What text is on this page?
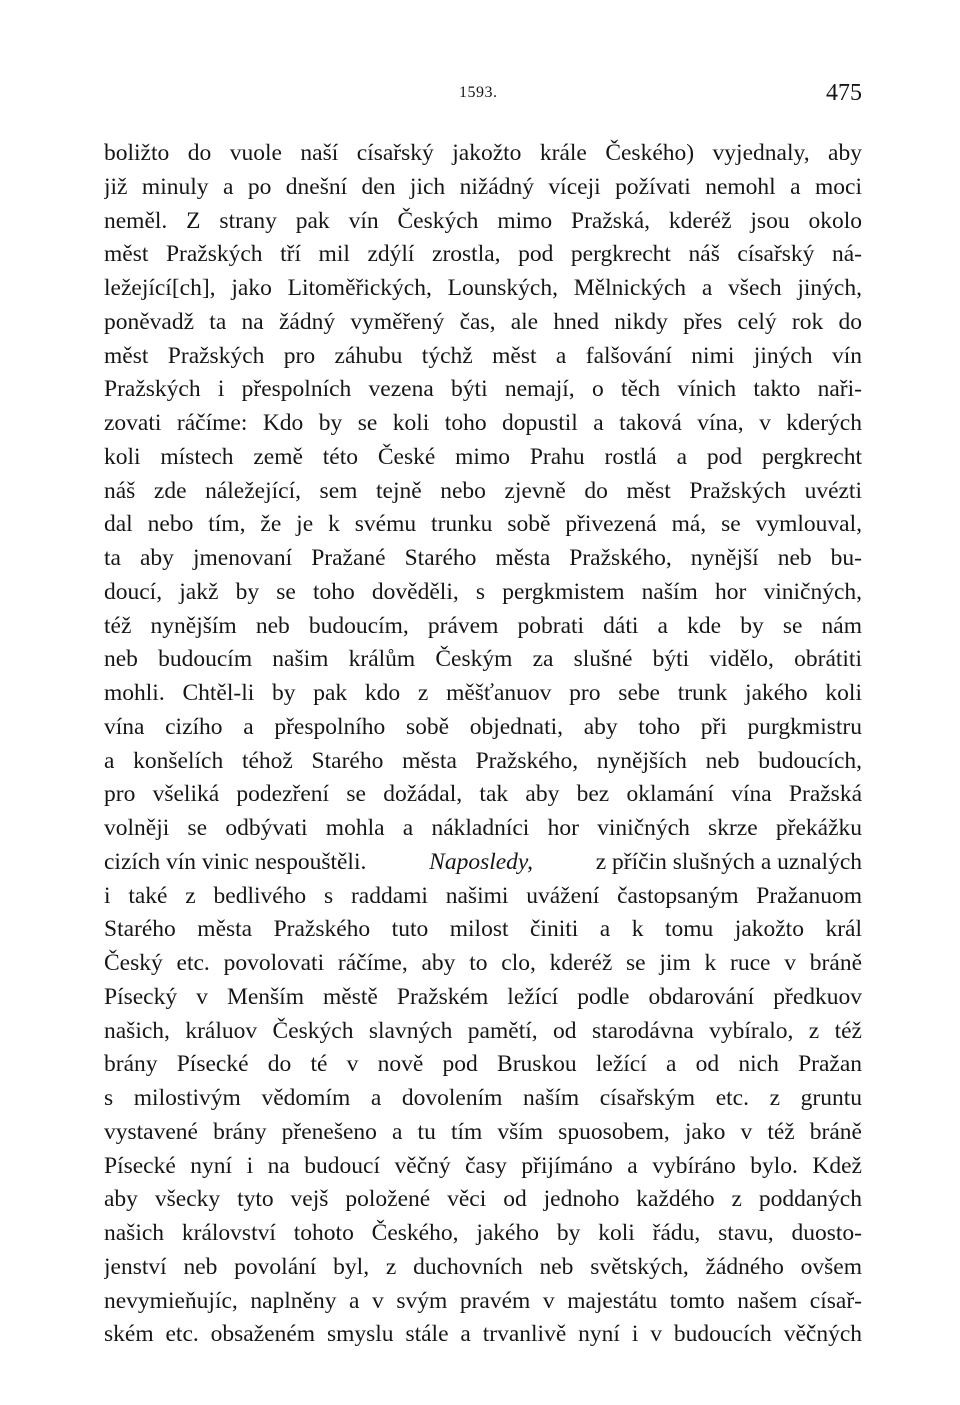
1593.	475
boližto do vuole naší císařský jakožto krále Českého) vyjednaly, aby
již minuly a po dnešní den jich nižádný víceji požívati nemohl a moci
neměl. Z strany pak vín Českých mimo Pražská, kderéž jsou okolo
měst Pražských tří mil zdýlí zrostla, pod pergkrecht náš císařský ná-
ležející[ch], jako Litoměřických, Lounských, Mělnických a všech jiných,
poněvadž ta na žádný vyměřený čas, ale hned nikdy přes celý rok do
měst Pražských pro záhubu týchž měst a falšování nimi jiných vín
Pražských i přespolních vezena býti nemají, o těch vínich takto naři-
zovati ráčíme: Kdo by se koli toho dopustil a taková vína, v kderých
koli místech země této České mimo Prahu rostlá a pod pergkrecht
náš zde náležející, sem tejně nebo zjevně do měst Pražských uvézti
dal nebo tím, že je k svému trunku sobě přivezená má, se vymlouval,
ta aby jmenovaní Pražané Starého města Pražského, nynější neb bu-
doucí, jakž by se toho dověděli, s pergkmistem naším hor viničných,
též nynějším neb budoucím, právem pobrati dáti a kde by se nám
neb budoucím našim králům Českým za slušné býti vidělo, obrátiti
mohli. Chtěl-li by pak kdo z měšťanuov pro sebe trunk jakého koli
vína cizího a přespolního sobě objednati, aby toho při purgkmistru
a konšelích téhož Starého města Pražského, nynějších neb budoucích,
pro všeliká podezření se dožádal, tak aby bez oklamání vína Pražská
volněji se odbývati mohla a nákladníci hor viničných skrze překážku
cizích vín vinic nespouštěli.	Naposledy,	z příčin slušných a uznalých
i také z bedlivého s raddami našimi uvážení častopsaným Pražanuom
Starého města Pražského tuto milost činiti a k tomu jakožto král
Český etc. povolovati ráčíme, aby to clo, kderéž se jim k ruce v bráně
Písecký v Menším městě Pražském ležící podle obdarování předkuov
našich, králuov Českých slavných pamětí, od starodávna vybíralo, z též
brány Písecké do té v nově pod Bruskou ležící a od nich Pražan
s milostivým vědomím a dovolením naším císařským etc. z gruntu
vystavené brány přenešeno a tu tím vším spuosobem, jako v též bráně
Písecké nyní i na budoucí věčný časy přijímáno a vybíráno bylo. Kdež
aby všecky tyto vejš položené věci od jednoho každého z poddaných
našich království tohoto Českého, jakého by koli řádu, stavu, duosto-
jenství neb povolání byl, z duchovních neb světských, žádného ovšem
nevymieňujíc, naplněny a v svým pravém v majestátu tomto našem císař-
ském etc. obsaženém smyslu stále a trvanlivě nyní i v budoucích věčných
